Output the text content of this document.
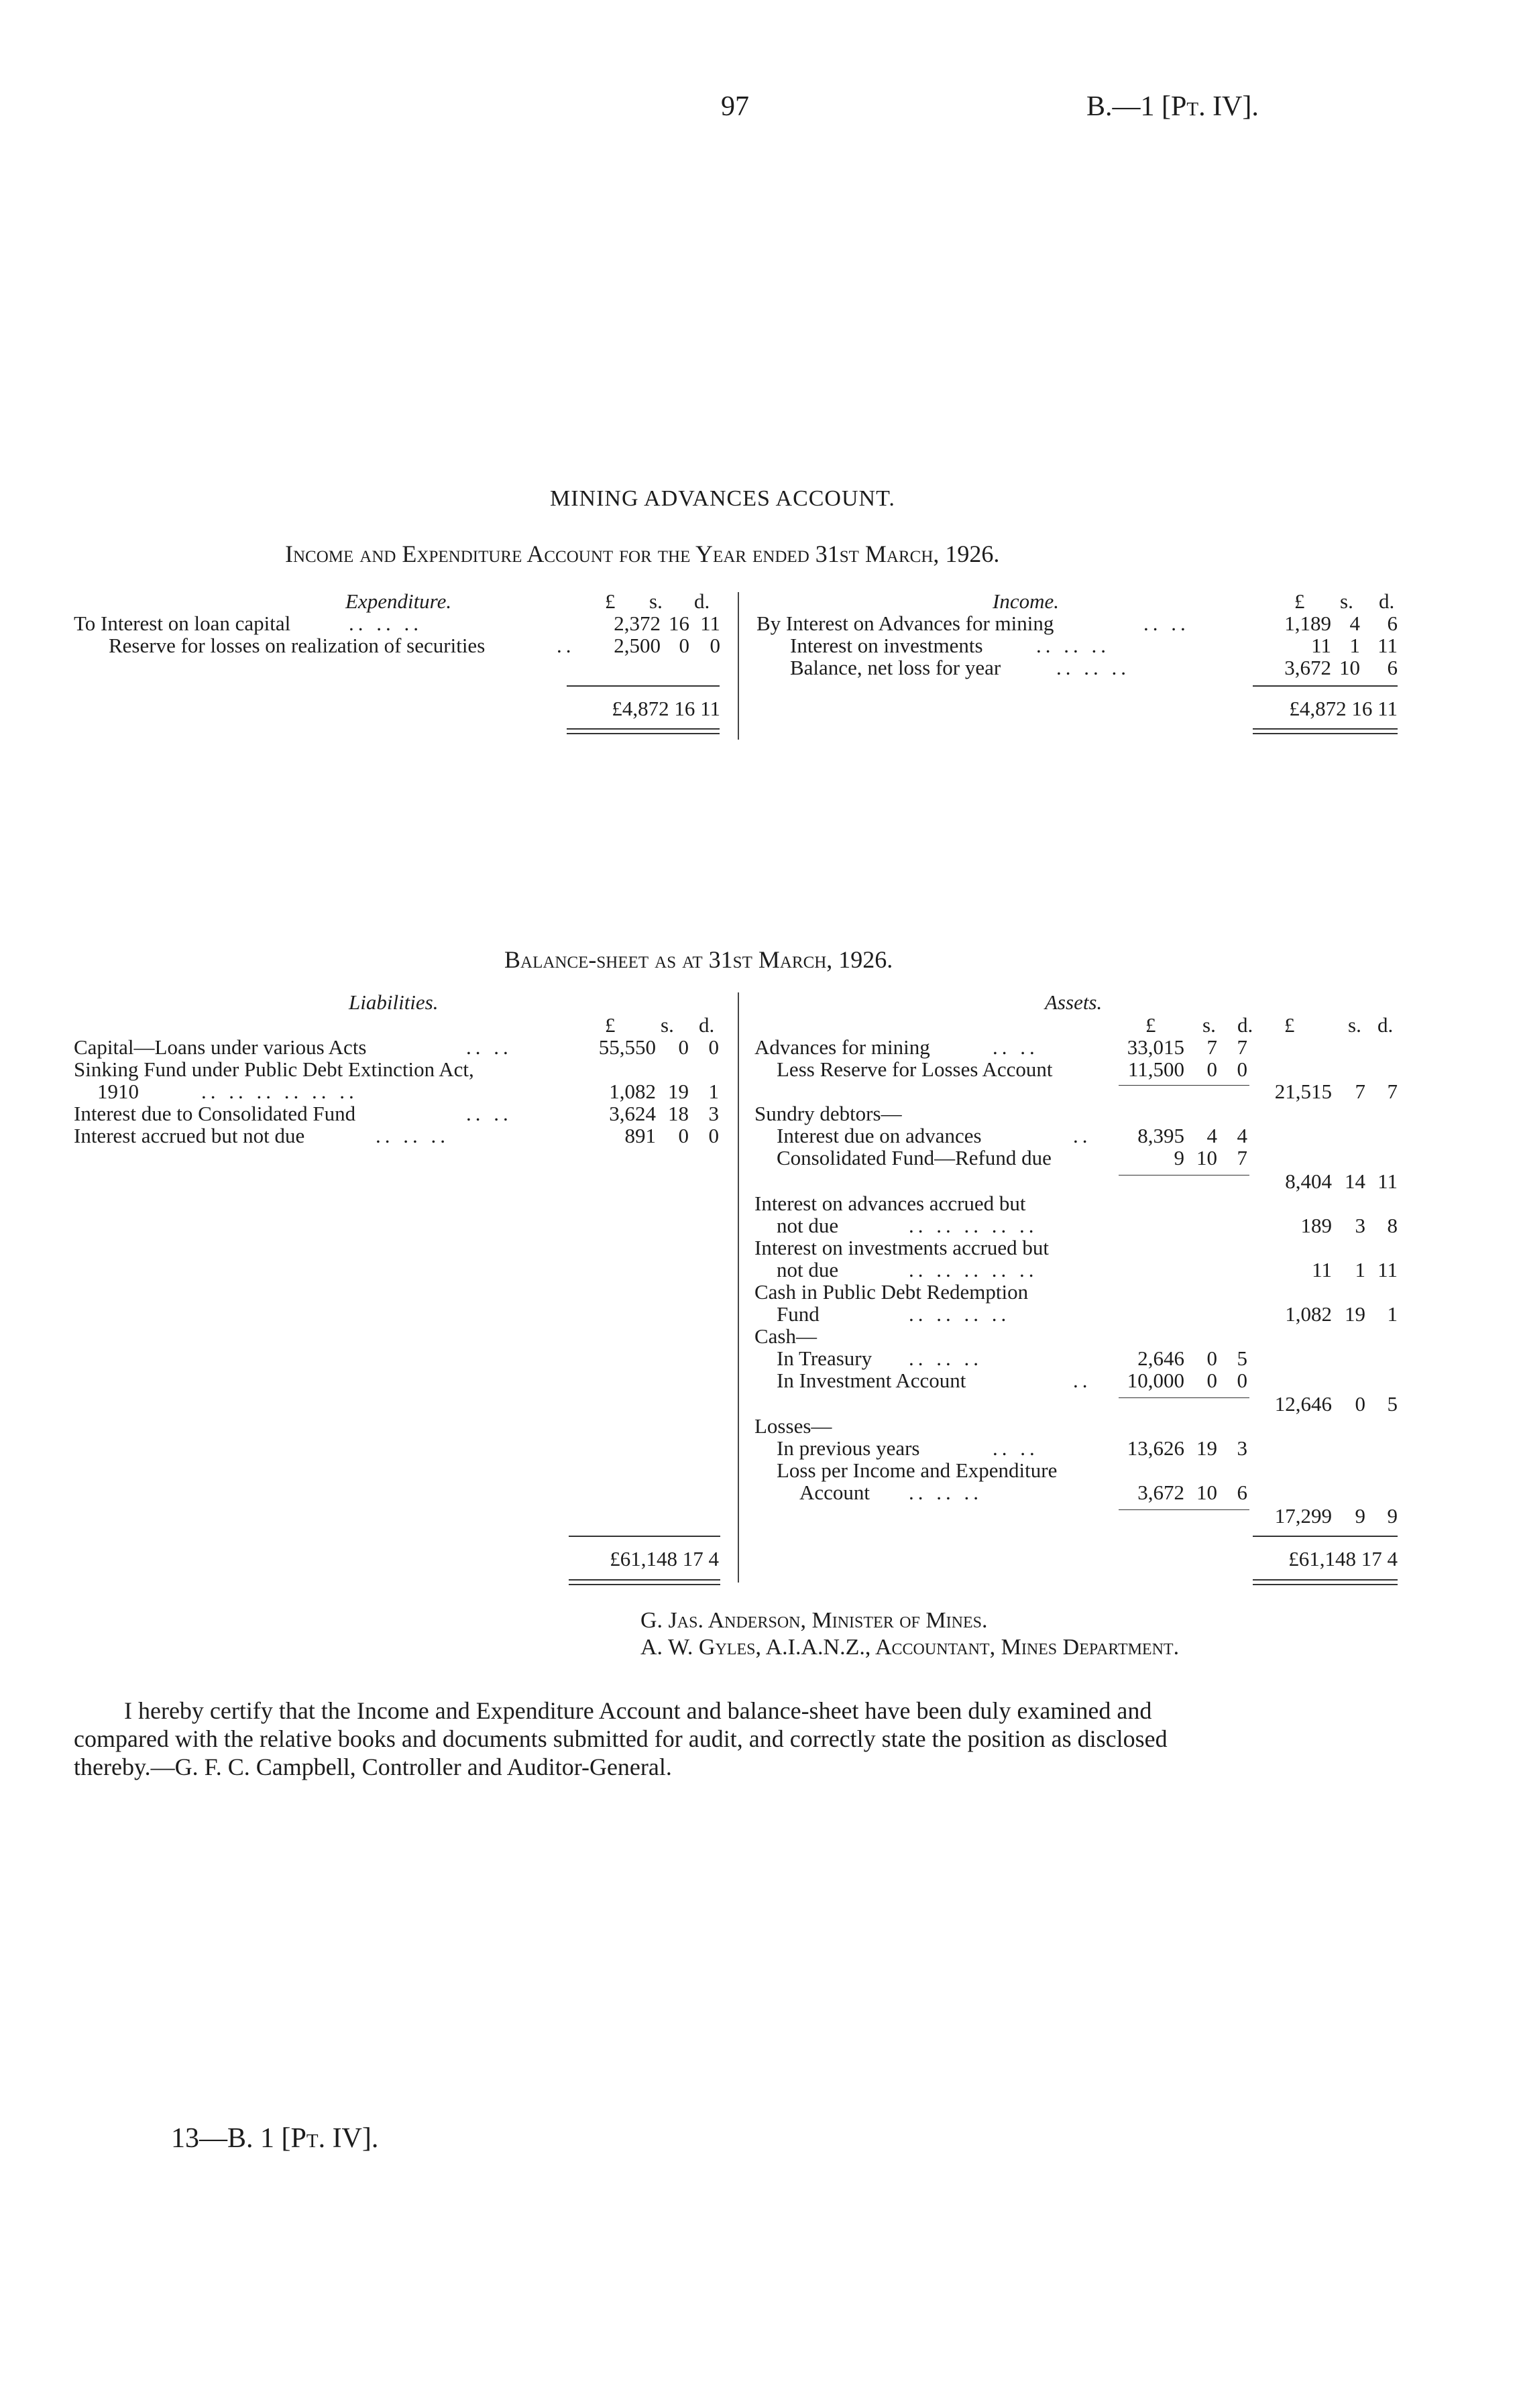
97	B.—1 [Pt. IV].
MINING ADVANCES ACCOUNT.
Income and Expenditure Account for the Year ended 31st March, 1926.
Expenditure.	£ s. d.
To Interest on loan capital	.. .. ..	2,372 16 11
Reserve for losses on realization of securities	..	2,500 0 0
£4,872 16 11
Income.	£ s. d.
By Interest on Advances for mining	.. ..	1,189 4	6
Interest on investments	.. .. ..	11 1 11
Balance, net loss for year	.. .. ..	3,672 10	6
£4,872 16 11
Balance-sheet as at 31st March, 1926.
Liabilities.
£ s. d.
Capital—Loans under various Acts	.. ..	55,550	0 0
Sinking Fund under Public Debt Extinction Act,
1910	.. .. .. .. .. ..	1,082 19 1
Interest due to Consolidated Fund	.. ..	3,624 18 3
Interest accrued but not due	.. .. ..	891	0 0
£61,148 17 4
Assets.
£ s. d. £	s. d.
Advances for mining	.. ..	33,015	7 7
Less Reserve for Losses Account	11,500	0 0
21,515	7	7
Sundry debtors—
Interest due on advances	..	8,395	4 4
Consolidated Fund—Refund due	9 10 7
8,404 14 11
Interest on advances accrued but
not due	.. .. .. .. ..	189	3	8
Interest on investments accrued but
not due	.. .. .. .. ..	11	1 11
Cash in Public Debt Redemption
Fund	.. .. .. ..	1,082 19	1
Cash—
In Treasury .. .. ..	2,646	0 5
In Investment Account	..	10,000	0 0
12,646	0	5
Losses—
In previous years	.. ..	13,626 19 3
Loss per Income and Expenditure
Account .. .. ..	3,672 10 6
17,299	9	9
£61,148 17 4
G. Jas. Anderson, Minister of Mines.
A. W. Gyles, A.I.A.N.Z., Accountant, Mines Department.
I hereby certify that the Income and Expenditure Account and balance-sheet have been duly examined and
compared with the relative books and documents submitted for audit, and correctly state the position as disclosed
thereby.—G. F. C. Campbell, Controller and Auditor-General.
13—B. 1 [Pt. IV].
